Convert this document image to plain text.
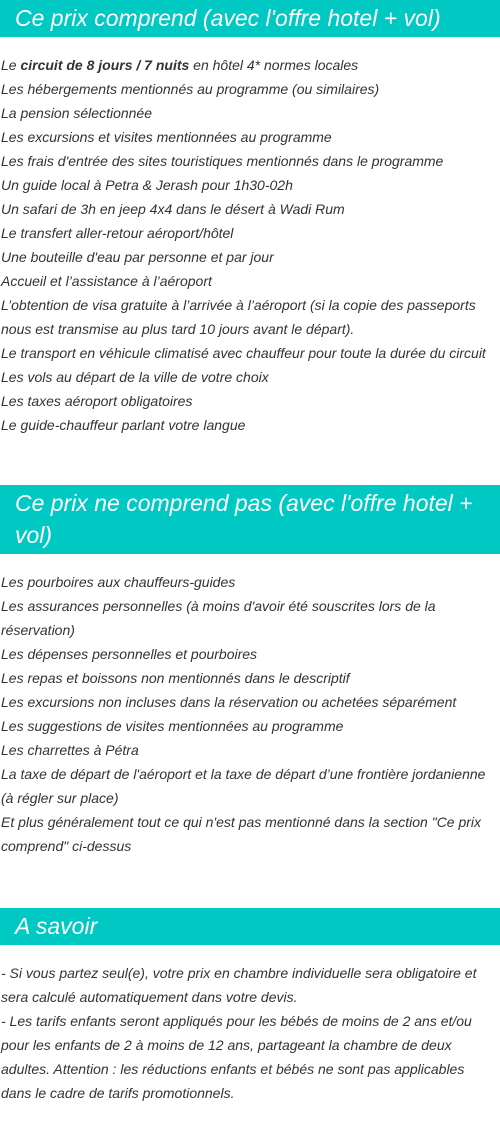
Ce prix comprend (avec l'offre hotel + vol)
Le circuit de 8 jours / 7 nuits en hôtel 4* normes locales
Les hébergements mentionnés au programme (ou similaires)
La pension sélectionnée
Les excursions et visites mentionnées au programme
Les frais d'entrée des sites touristiques mentionnés dans le programme
Un guide local à Petra & Jerash pour 1h30-02h
Un safari de 3h en jeep 4x4 dans le désert à Wadi Rum
Le transfert aller-retour aéroport/hôtel
Une bouteille d'eau par personne et par jour
Accueil et l’assistance à l’aéroport
L’obtention de visa gratuite à l’arrivée à l’aéroport (si la copie des passeports nous est transmise au plus tard 10 jours avant le départ).
Le transport en véhicule climatisé avec chauffeur pour toute la durée du circuit
Les vols au départ de la ville de votre choix
Les taxes aéroport obligatoires
Le guide-chauffeur parlant votre langue
Ce prix ne comprend pas (avec l'offre hotel + vol)
Les pourboires aux chauffeurs-guides
Les assurances personnelles (à moins d'avoir été souscrites lors de la réservation)
Les dépenses personnelles et pourboires
Les repas et boissons non mentionnés dans le descriptif
Les excursions non incluses dans la réservation ou achetées séparément
Les suggestions de visites mentionnées au programme
Les charrettes à Pétra
La taxe de départ de l'aéroport et la taxe de départ d’une frontière jordanienne (à régler sur place)
Et plus généralement tout ce qui n'est pas mentionné dans la section "Ce prix comprend" ci-dessus
A savoir
- Si vous partez seul(e), votre prix en chambre individuelle sera obligatoire et sera calculé automatiquement dans votre devis.
- Les tarifs enfants seront appliqués pour les bébés de moins de 2 ans et/ou pour les enfants de 2 à moins de 12 ans, partageant la chambre de deux adultes. Attention : les réductions enfants et bébés ne sont pas applicables dans le cadre de tarifs promotionnels.
